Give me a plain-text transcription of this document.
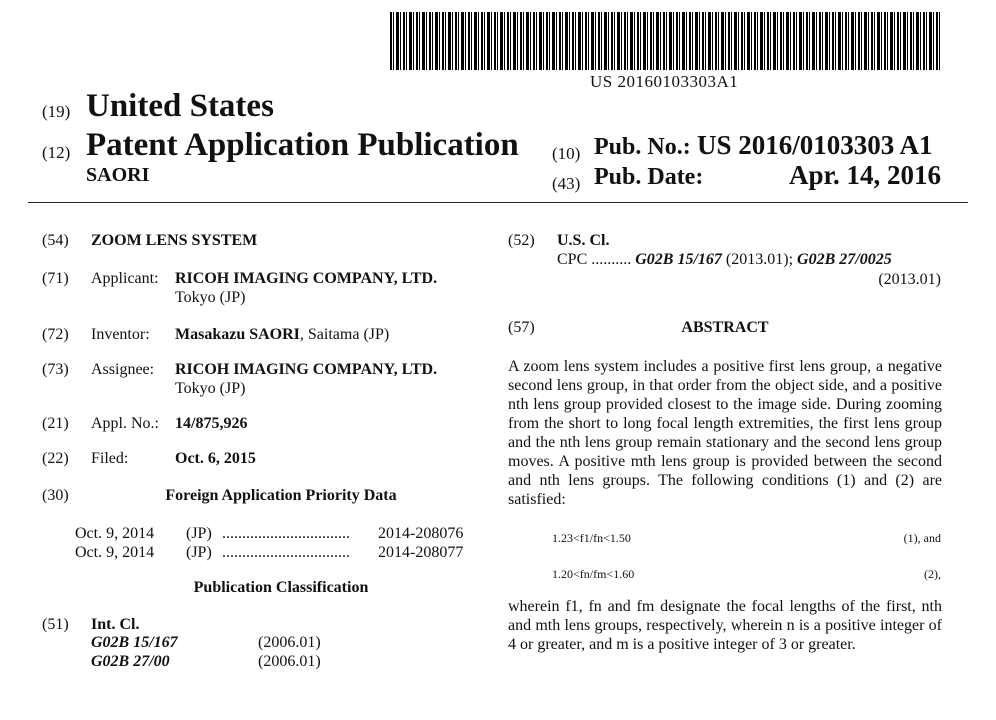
US 20160103303A1
(19) United States
(12) Patent Application Publication
SAORI
(10) Pub. No.: US 2016/0103303 A1
(43) Pub. Date:	Apr. 14, 2016
(54) ZOOM LENS SYSTEM
(71) Applicant: RICOH IMAGING COMPANY, LTD.
Tokyo (JP)
(72) Inventor: Masakazu SAORI, Saitama (JP)
(73) Assignee: RICOH IMAGING COMPANY, LTD.
Tokyo (JP)
(21) Appl. No.: 14/875,926
(22) Filed:	Oct. 6, 2015
(30)	Foreign Application Priority Data
Oct. 9, 2014 (JP) ................................ 2014-208076
Oct. 9, 2014 (JP) ................................ 2014-208077
Publication Classification
(51) Int. Cl.
G02B 15/167	(2006.01)
G02B 27/00	(2006.01)
(52) U.S. Cl.
CPC .......... G02B 15/167 (2013.01); G02B 27/0025
(2013.01)
(57)	ABSTRACT
A zoom lens system includes a positive first lens group, a negative second lens group, in that order from the object side, and a positive nth lens group provided closest to the image side. During zooming from the short to long focal length extremities, the first lens group and the nth lens group remain stationary and the second lens group moves. A positive mth lens group is provided between the second and nth lens groups. The following conditions (1) and (2) are satisfied:
1.23<f1/fn<1.50	(1), and
1.20<fn/fm<1.60	(2),
wherein f1, fn and fm designate the focal lengths of the first, nth and mth lens groups, respectively, wherein n is a positive integer of 4 or greater, and m is a positive integer of 3 or greater.
